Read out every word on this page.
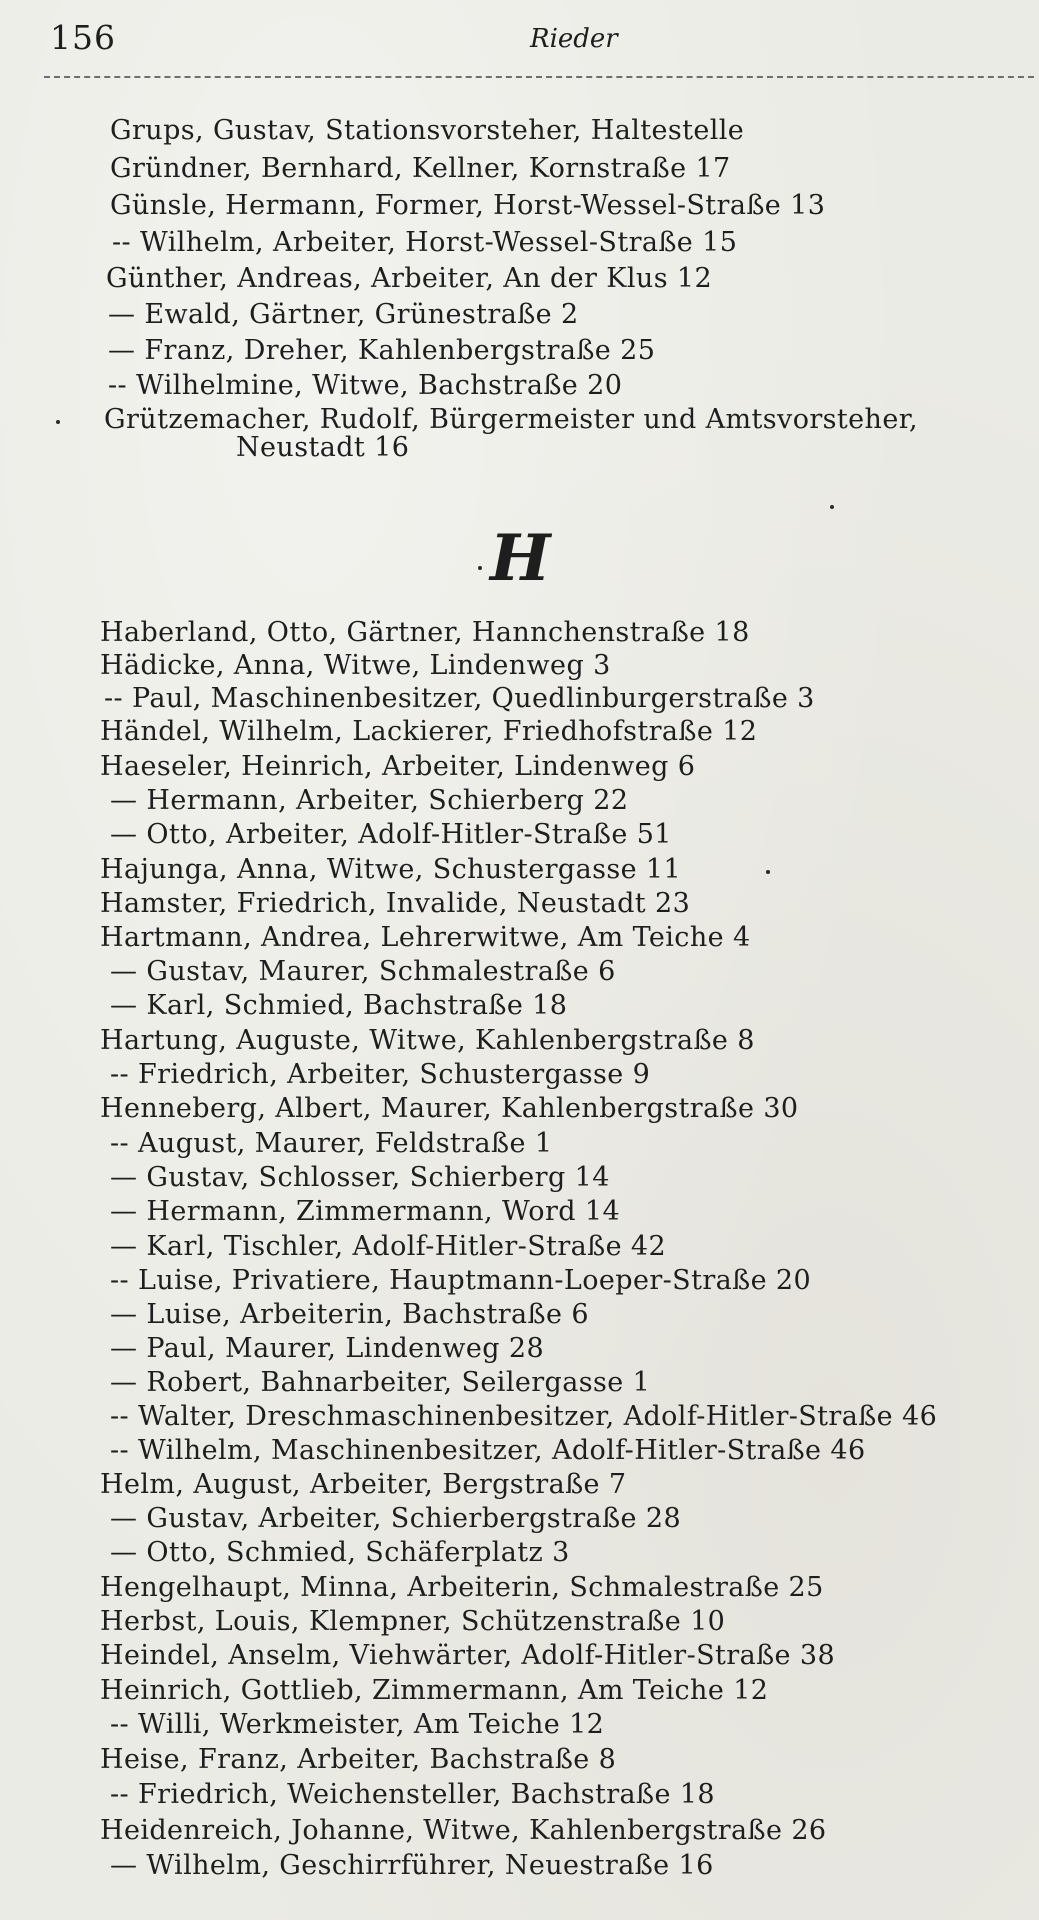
156	Rieder
Grups, Gustav, Stationsvorsteher, Haltestelle
Gründner, Bernhard, Kellner, Kornstraße 17
Günsle, Hermann, Former, Horst-Wessel-Straße 13
-- Wilhelm, Arbeiter, Horst-Wessel-Straße 15
Günther, Andreas, Arbeiter, An der Klus 12
— Ewald, Gärtner, Grünestraße 2
— Franz, Dreher, Kahlenbergstraße 25
-- Wilhelmine, Witwe, Bachstraße 20
Grützemacher, Rudolf, Bürgermeister und Amtsvorsteher,
Neustadt 16
H
Haberland, Otto, Gärtner, Hannchenstraße 18
Hädicke, Anna, Witwe, Lindenweg 3
-- Paul, Maschinenbesitzer, Quedlinburgerstraße 3
Händel, Wilhelm, Lackierer, Friedhofstraße 12
Haeseler, Heinrich, Arbeiter, Lindenweg 6
— Hermann, Arbeiter, Schierberg 22
— Otto, Arbeiter, Adolf-Hitler-Straße 51
Hajunga, Anna, Witwe, Schustergasse 11
Hamster, Friedrich, Invalide, Neustadt 23
Hartmann, Andrea, Lehrerwitwe, Am Teiche 4
— Gustav, Maurer, Schmalestraße 6
— Karl, Schmied, Bachstraße 18
Hartung, Auguste, Witwe, Kahlenbergstraße 8
-- Friedrich, Arbeiter, Schustergasse 9
Henneberg, Albert, Maurer, Kahlenbergstraße 30
-- August, Maurer, Feldstraße 1
— Gustav, Schlosser, Schierberg 14
— Hermann, Zimmermann, Word 14
— Karl, Tischler, Adolf-Hitler-Straße 42
-- Luise, Privatiere, Hauptmann-Loeper-Straße 20
— Luise, Arbeiterin, Bachstraße 6
— Paul, Maurer, Lindenweg 28
— Robert, Bahnarbeiter, Seilergasse 1
-- Walter, Dreschmaschinenbesitzer, Adolf-Hitler-Straße 46
-- Wilhelm, Maschinenbesitzer, Adolf-Hitler-Straße 46
Helm, August, Arbeiter, Bergstraße 7
— Gustav, Arbeiter, Schierbergstraße 28
— Otto, Schmied, Schäferplatz 3
Hengelhaupt, Minna, Arbeiterin, Schmalestraße 25
Herbst, Louis, Klempner, Schützenstraße 10
Heindel, Anselm, Viehwärter, Adolf-Hitler-Straße 38
Heinrich, Gottlieb, Zimmermann, Am Teiche 12
-- Willi, Werkmeister, Am Teiche 12
Heise, Franz, Arbeiter, Bachstraße 8
-- Friedrich, Weichensteller, Bachstraße 18
Heidenreich, Johanne, Witwe, Kahlenbergstraße 26
— Wilhelm, Geschirrführer, Neuestraße 16
